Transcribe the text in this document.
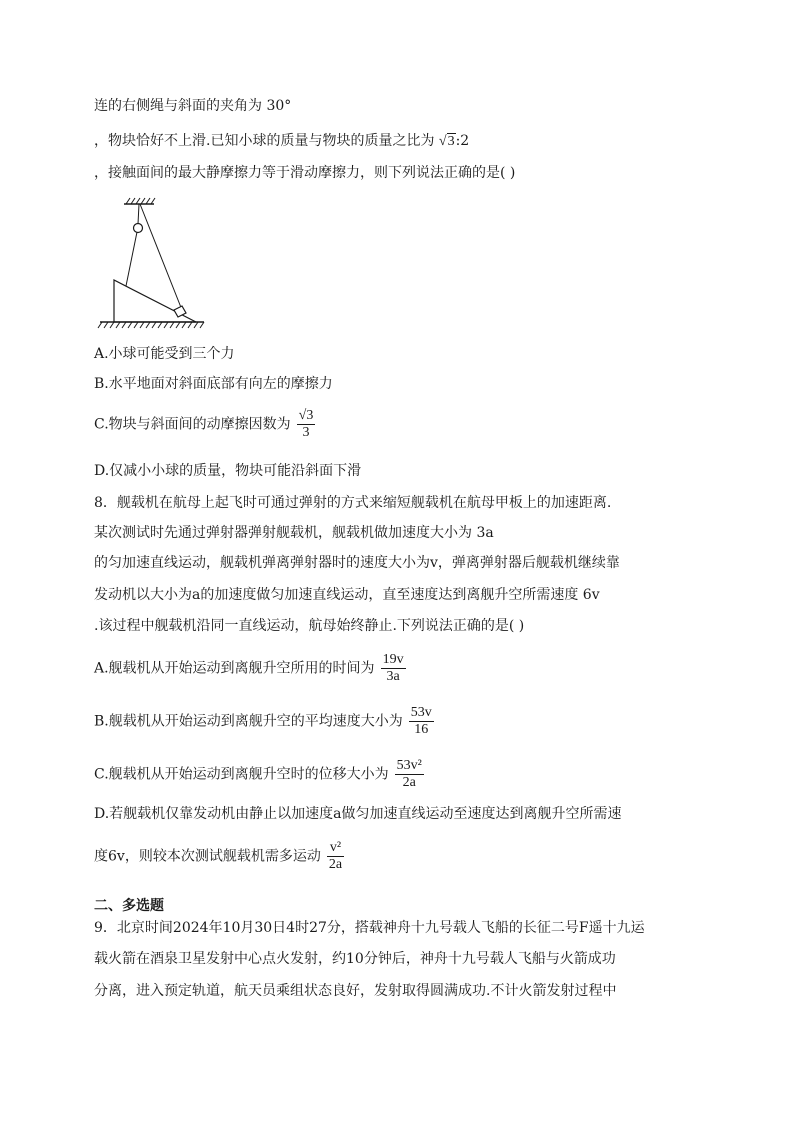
连的右侧绳与斜面的夹角为 30°
，物块恰好不上滑.已知小球的质量与物块的质量之比为 √3:2
，接触面间的最大静摩擦力等于滑动摩擦力，则下列说法正确的是( )
A.小球可能受到三个力
B.水平地面对斜面底部有向左的摩擦力
C.物块与斜面间的动摩擦因数为 $\frac{√3}{3}$
D.仅减小小球的质量，物块可能沿斜面下滑
8．舰载机在航母上起飞时可通过弹射的方式来缩短舰载机在航母甲板上的加速距离.
某次测试时先通过弹射器弹射舰载机，舰载机做加速度大小为 3a
的匀加速直线运动，舰载机弹离弹射器时的速度大小为v，弹离弹射器后舰载机继续靠
发动机以大小为a的加速度做匀加速直线运动，直至速度达到离舰升空所需速度 6v
.该过程中舰载机沿同一直线运动，航母始终静止.下列说法正确的是( )
A.舰载机从开始运动到离舰升空所用的时间为 $\frac{19v}{3a}$
B.舰载机从开始运动到离舰升空的平均速度大小为 $\frac{53v}{16}$
C.舰载机从开始运动到离舰升空时的位移大小为 $\frac{\text{53v²}}{2a}$
D.若舰载机仅靠发动机由静止以加速度a做匀加速直线运动至速度达到离舰升空所需速
度6v，则较本次测试舰载机需多运动 $\frac{\text{v²}}{2a}$
二、多选题
9．北京时间2024年10月30日4时27分，搭载神舟十九号载人飞船的长征二号F遥十九运
载火箭在酒泉卫星发射中心点火发射，约10分钟后，神舟十九号载人飞船与火箭成功
分离，进入预定轨道，航天员乘组状态良好，发射取得圆满成功.不计火箭发射过程中
